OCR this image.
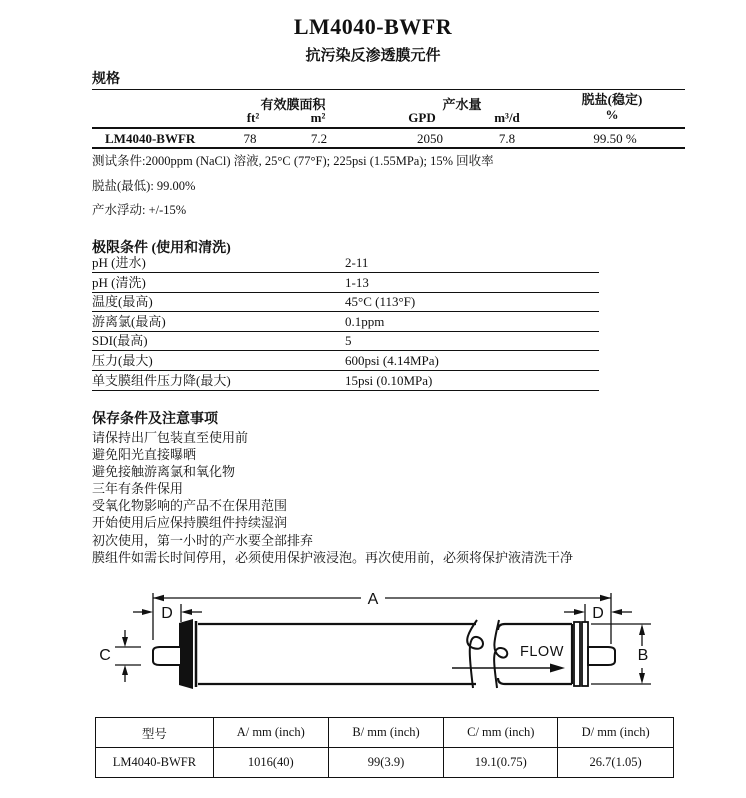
LM4040-BWFR
抗污染反渗透膜元件
规格
有效膜面积	产水量	脱盐(稳定)
%
ft²	m²	GPD	m³/d
LM4040-BWFR	78	7.2	2050	7.8	99.50 %
测试条件:2000ppm (NaCl) 溶液, 25°C (77°F); 225psi (1.55MPa); 15% 回收率
脱盐(最低): 99.00%
产水浮动: +/-15%
极限条件 (使用和清洗)
pH (进水)	2-11
pH (清洗)	1-13
温度(最高)	45°C (113°F)
游离氯(最高)	0.1ppm
SDI(最高)	5
压力(最大)	600psi (4.14MPa)
单支膜组件压力降(最大)	15psi (0.10MPa)
保存条件及注意事项
请保持出厂包装直至使用前
避免阳光直接曝晒
避免接触游离氯和氧化物
三年有条件保用
受氧化物影响的产品不在保用范围
开始使用后应保持膜组件持续湿润
初次使用，第一小时的产水要全部排弃
膜组件如需长时间停用，必须使用保护液浸泡。再次使用前，必须将保护液清洗干净
A
D	D
C	B
FLOW
型号	A/ mm (inch)	B/ mm (inch)	C/ mm (inch)	D/ mm (inch)
LM4040-BWFR	1016(40)	99(3.9)	19.1(0.75)	26.7(1.05)
